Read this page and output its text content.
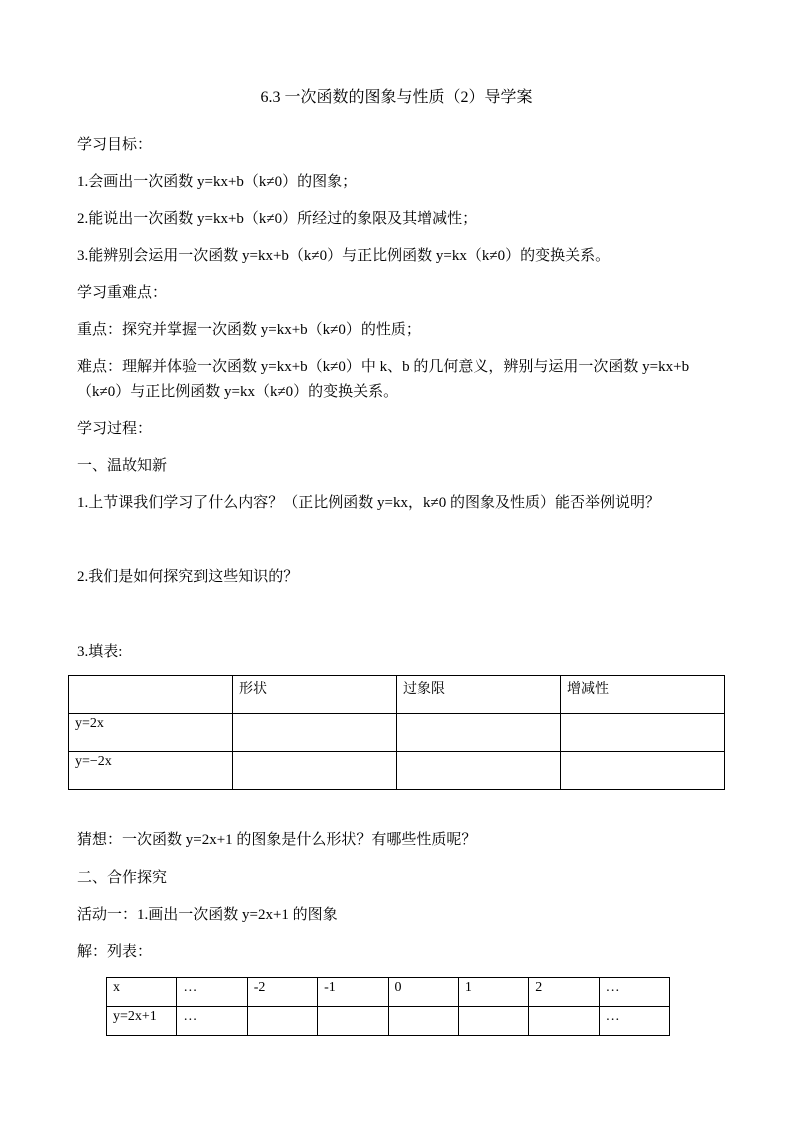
6.3 一次函数的图象与性质（2）导学案
学习目标：
1.会画出一次函数 y=kx+b（k≠0）的图象；
2.能说出一次函数 y=kx+b（k≠0）所经过的象限及其增减性；
3.能辨别会运用一次函数 y=kx+b（k≠0）与正比例函数 y=kx（k≠0）的变换关系。
学习重难点：
重点：探究并掌握一次函数 y=kx+b（k≠0）的性质；
难点：理解并体验一次函数 y=kx+b（k≠0）中 k、b 的几何意义，辨别与运用一次函数 y=kx+b
（k≠0）与正比例函数 y=kx（k≠0）的变换关系。
学习过程：
一、温故知新
1.上节课我们学习了什么内容？（正比例函数 y=kx，k≠0 的图象及性质）能否举例说明？
2.我们是如何探究到这些知识的？
3.填表:
	形状	过象限	增减性
y=2x			
y=−2x			
猜想：一次函数 y=2x+1 的图象是什么形状？有哪些性质呢？
二、合作探究
活动一：1.画出一次函数 y=2x+1 的图象
解：列表：
x	…	-2	-1	0	1	2	…
y=2x+1	…						…
